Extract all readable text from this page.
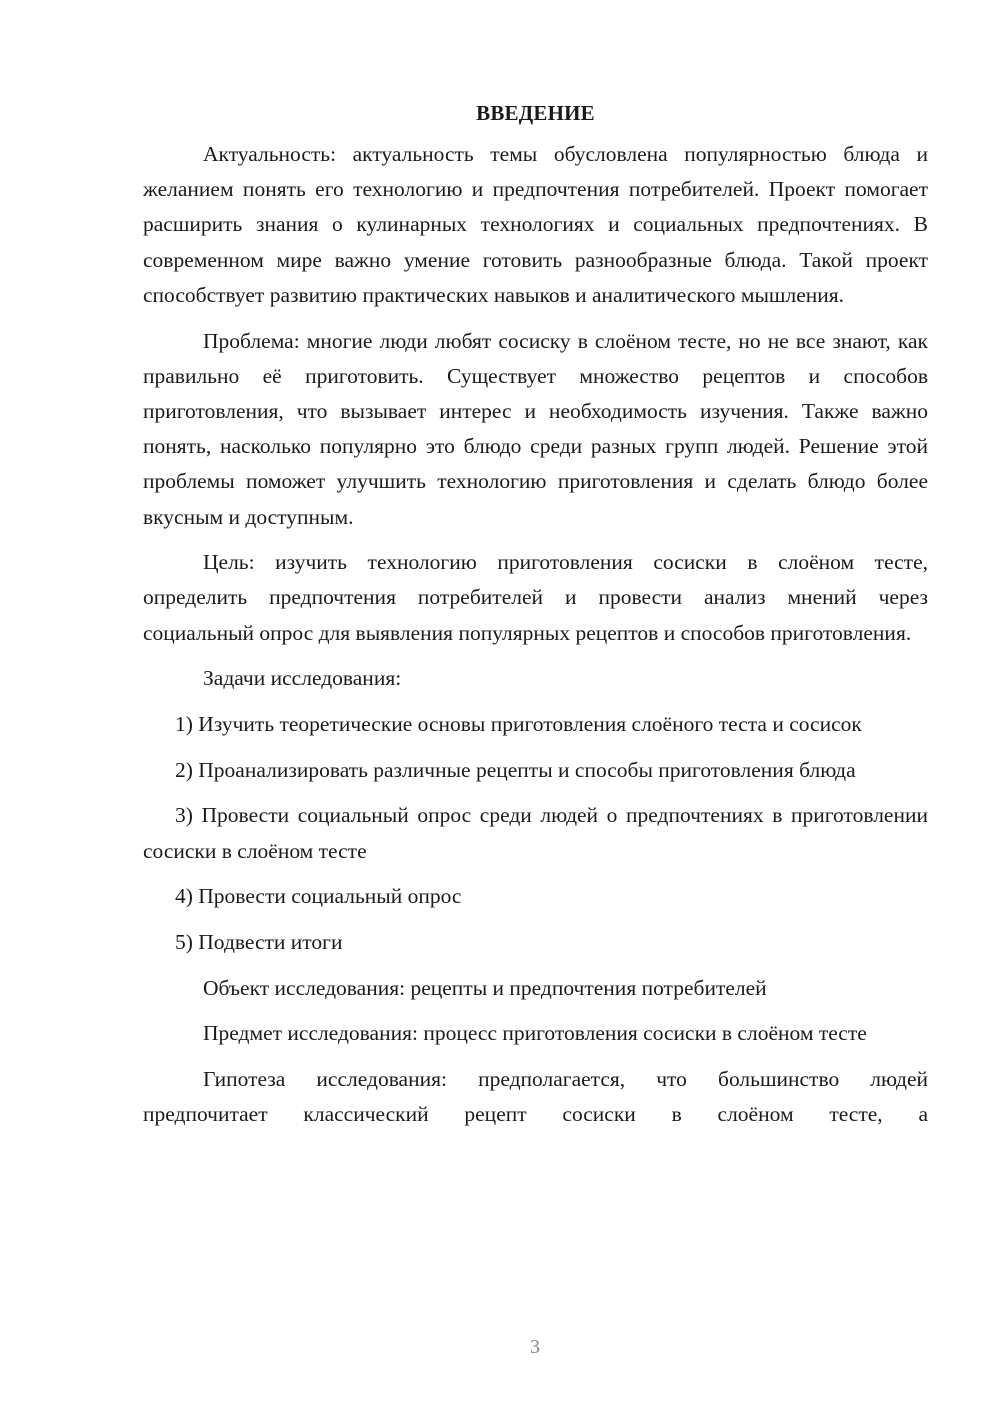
ВВЕДЕНИЕ

Актуальность: актуальность темы обусловлена популярностью блюда и желанием понять его технологию и предпочтения потребителей. Проект помогает расширить знания о кулинарных технологиях и социальных предпочтениях. В современном мире важно умение готовить разнообразные блюда. Такой проект способствует развитию практических навыков и аналитического мышления.

Проблема: многие люди любят сосиску в слоёном тесте, но не все знают, как правильно её приготовить. Существует множество рецептов и способов приготовления, что вызывает интерес и необходимость изучения. Также важно понять, насколько популярно это блюдо среди разных групп людей. Решение этой проблемы поможет улучшить технологию приготовления и сделать блюдо более вкусным и доступным.

Цель: изучить технологию приготовления сосиски в слоёном тесте, определить предпочтения потребителей и провести анализ мнений через социальный опрос для выявления популярных рецептов и способов приготовления.

Задачи исследования:

1) Изучить теоретические основы приготовления слоёного теста и сосисок

2) Проанализировать различные рецепты и способы приготовления блюда

3) Провести социальный опрос среди людей о предпочтениях в приготовлении сосиски в слоёном тесте

4) Провести социальный опрос

5) Подвести итоги

Объект исследования: рецепты и предпочтения потребителей

Предмет исследования: процесс приготовления сосиски в слоёном тесте

Гипотеза исследования: предполагается, что большинство людей предпочитает классический рецепт сосиски в слоёном тесте, а

3
